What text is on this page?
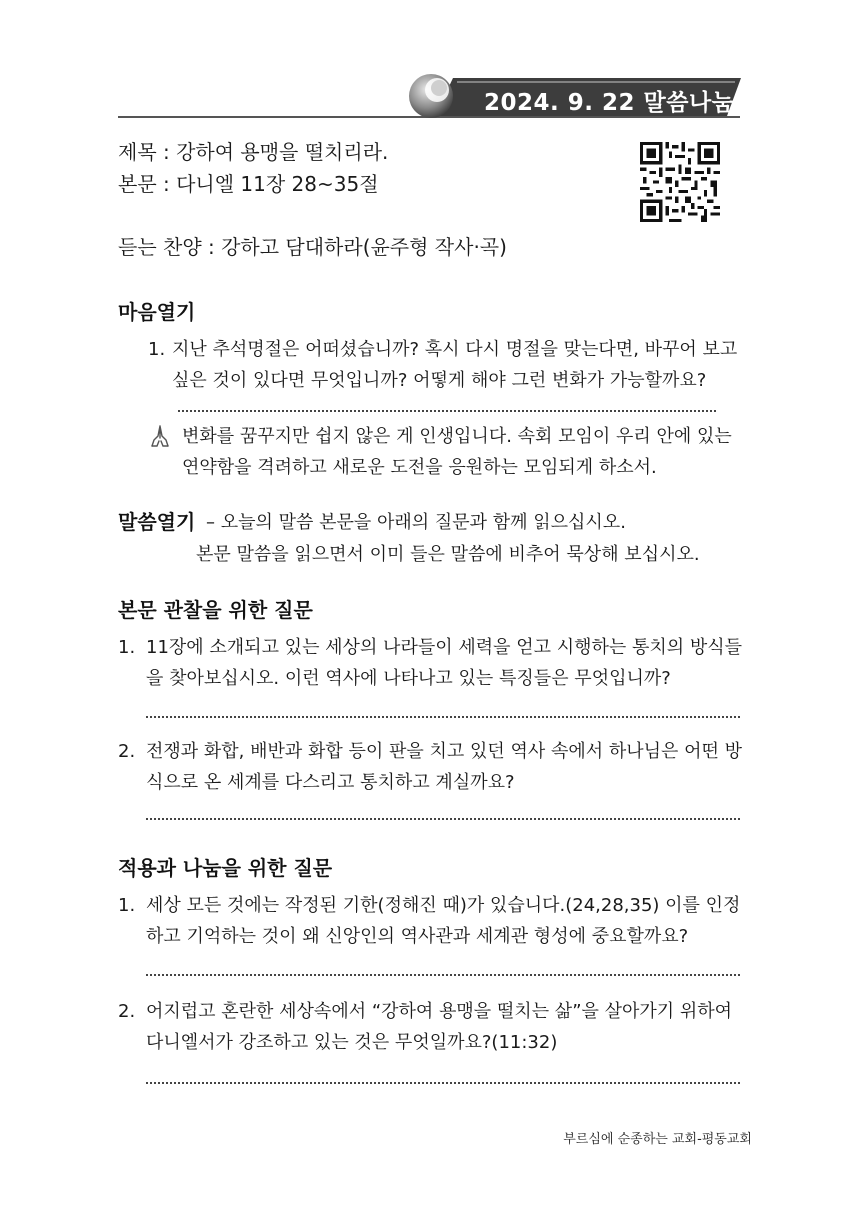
2024. 9. 22 말씀나눔지
제목 : 강하여 용맹을 떨치리라.
본문 : 다니엘 11장 28~35절
듣는 찬양 : 강하고 담대하라(윤주형 작사·곡)
마음열기
1. 지난 추석명절은 어떠셨습니까? 혹시 다시 명절을 맞는다면, 바꾸어 보고 싶은 것이 있다면 무엇입니까? 어떻게 해야 그런 변화가 가능할까요?
변화를 꿈꾸지만 쉽지 않은 게 인생입니다. 속회 모임이 우리 안에 있는 연약함을 격려하고 새로운 도전을 응원하는 모임되게 하소서.
말씀열기 – 오늘의 말씀 본문을 아래의 질문과 함께 읽으십시오.
본문 말씀을 읽으면서 이미 들은 말씀에 비추어 묵상해 보십시오.
본문 관찰을 위한 질문
1. 11장에 소개되고 있는 세상의 나라들이 세력을 얻고 시행하는 통치의 방식들을 찾아보십시오. 이런 역사에 나타나고 있는 특징들은 무엇입니까?
2. 전쟁과 화합, 배반과 화합 등이 판을 치고 있던 역사 속에서 하나님은 어떤 방식으로 온 세계를 다스리고 통치하고 계실까요?
적용과 나눔을 위한 질문
1. 세상 모든 것에는 작정된 기한(정해진 때)가 있습니다.(24,28,35) 이를 인정하고 기억하는 것이 왜 신앙인의 역사관과 세계관 형성에 중요할까요?
2. 어지럽고 혼란한 세상속에서 “강하여 용맹을 떨치는 삶”을 살아가기 위하여 다니엘서가 강조하고 있는 것은 무엇일까요?(11:32)
부르심에 순종하는 교회-평동교회
